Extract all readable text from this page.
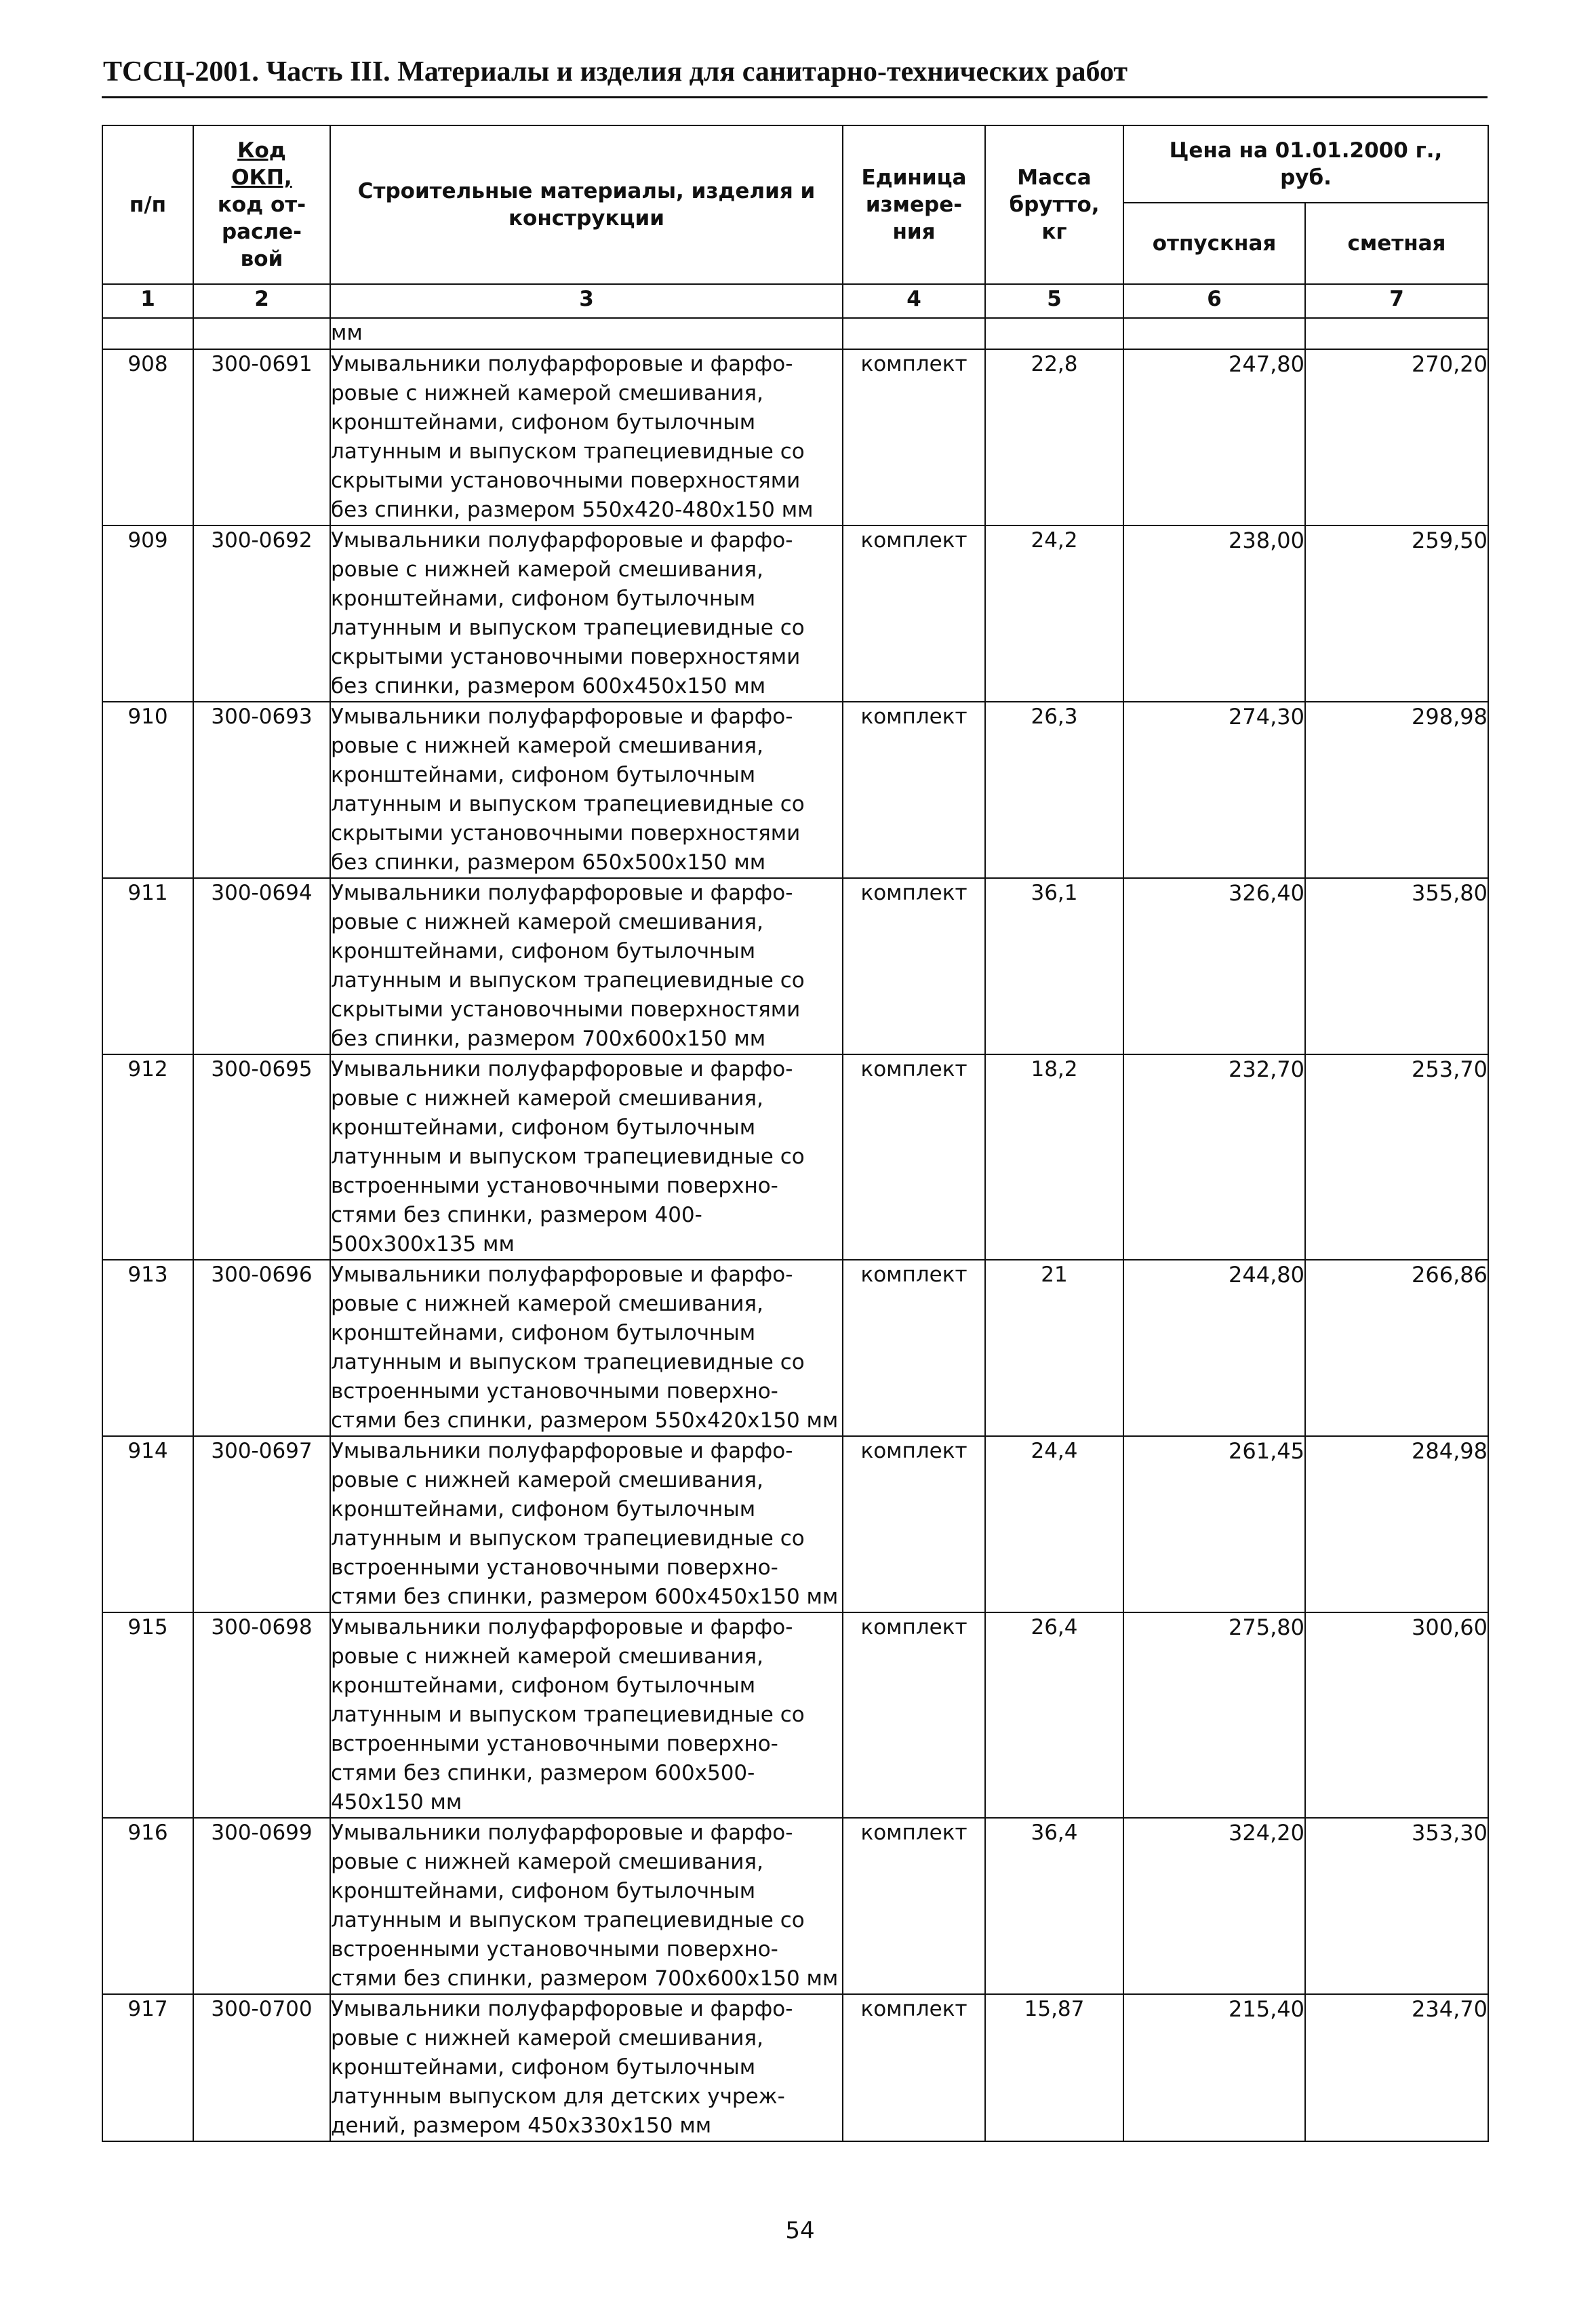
ТССЦ-2001. Часть III. Материалы и изделия для санитарно-технических работ
п/п	Код
ОКП,
код от-
расле-
вой	Строительные материалы, изделия и конструкции	Единица измере-ния	Масса брутто, кг	Цена на 01.01.2000 г., руб.	
					отпускная	сметная
1	2	3	4	5	6	7
		мм				
908	300-0691	Умывальники полуфарфоровые и фарфо-ровые с нижней камерой смешивания, кронштейнами, сифоном бутылочным латунным и выпуском трапециевидные со скрытыми установочными поверхностями без спинки, размером 550x420-480x150 мм	комплект	22,8	247,80	270,20
909	300-0692	Умывальники полуфарфоровые и фарфо-ровые с нижней камерой смешивания, кронштейнами, сифоном бутылочным латунным и выпуском трапециевидные со скрытыми установочными поверхностями без спинки, размером 600x450x150 мм	комплект	24,2	238,00	259,50
910	300-0693	Умывальники полуфарфоровые и фарфо-ровые с нижней камерой смешивания, кронштейнами, сифоном бутылочным латунным и выпуском трапециевидные со скрытыми установочными поверхностями без спинки, размером 650x500x150 мм	комплект	26,3	274,30	298,98
911	300-0694	Умывальники полуфарфоровые и фарфо-ровые с нижней камерой смешивания, кронштейнами, сифоном бутылочным латунным и выпуском трапециевидные со скрытыми установочными поверхностями без спинки, размером 700x600x150 мм	комплект	36,1	326,40	355,80
912	300-0695	Умывальники полуфарфоровые и фарфо-ровые с нижней камерой смешивания, кронштейнами, сифоном бутылочным латунным и выпуском трапециевидные со встроенными установочными поверхно-стями без спинки, размером 400-500x300x135 мм	комплект	18,2	232,70	253,70
913	300-0696	Умывальники полуфарфоровые и фарфо-ровые с нижней камерой смешивания, кронштейнами, сифоном бутылочным латунным и выпуском трапециевидные со встроенными установочными поверхно-стями без спинки, размером 550x420x150 мм	комплект	21	244,80	266,86
914	300-0697	Умывальники полуфарфоровые и фарфо-ровые с нижней камерой смешивания, кронштейнами, сифоном бутылочным латунным и выпуском трапециевидные со встроенными установочными поверхно-стями без спинки, размером 600x450x150 мм	комплект	24,4	261,45	284,98
915	300-0698	Умывальники полуфарфоровые и фарфо-ровые с нижней камерой смешивания, кронштейнами, сифоном бутылочным латунным и выпуском трапециевидные со встроенными установочными поверхно-стями без спинки, размером 600x500-450x150 мм	комплект	26,4	275,80	300,60
916	300-0699	Умывальники полуфарфоровые и фарфо-ровые с нижней камерой смешивания, кронштейнами, сифоном бутылочным латунным и выпуском трапециевидные со встроенными установочными поверхно-стями без спинки, размером 700x600x150 мм	комплект	36,4	324,20	353,30
917	300-0700	Умывальники полуфарфоровые и фарфо-ровые с нижней камерой смешивания, кронштейнами, сифоном бутылочным латунным выпуском для детских учреж-дений, размером 450x330x150 мм	комплект	15,87	215,40	234,70
54
